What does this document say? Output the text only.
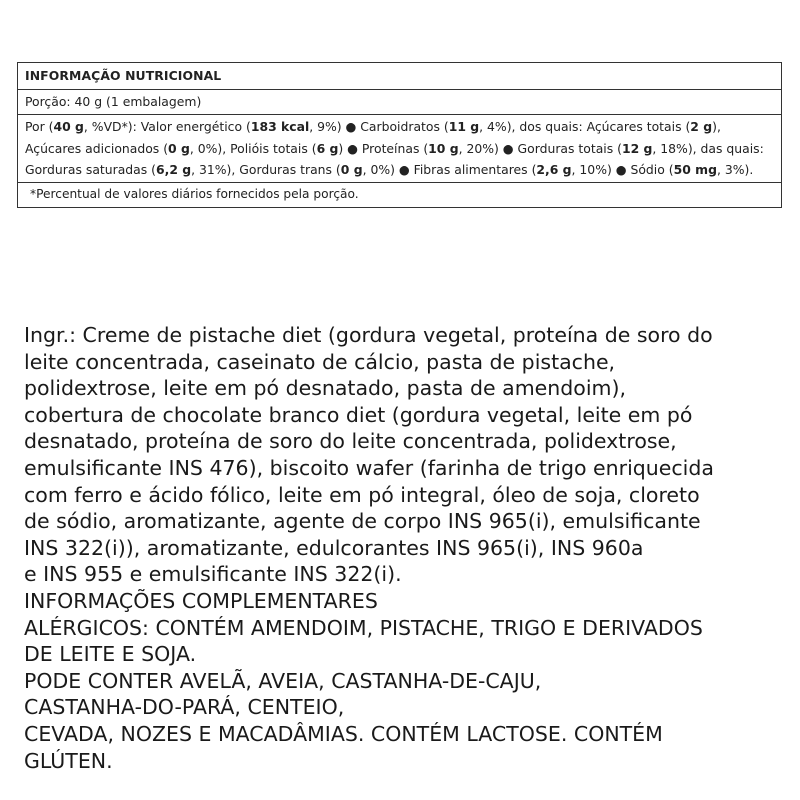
INFORMAÇÃO NUTRICIONAL
Porção: 40 g (1 embalagem)
Por (40 g, %VD*): Valor energético (183 kcal, 9%) ● Carboidratos (11 g, 4%), dos quais: Açúcares totais (2 g), Açúcares adicionados (0 g, 0%), Polióis totais (6 g) ● Proteínas (10 g, 20%) ● Gorduras totais (12 g, 18%), das quais: Gorduras saturadas (6,2 g, 31%), Gorduras trans (0 g, 0%) ● Fibras alimentares (2,6 g, 10%) ● Sódio (50 mg, 3%).
*Percentual de valores diários fornecidos pela porção.
Ingr.: Creme de pistache diet (gordura vegetal, proteína de soro do
leite concentrada, caseinato de cálcio, pasta de pistache,
polidextrose, leite em pó desnatado, pasta de amendoim),
cobertura de chocolate branco diet (gordura vegetal, leite em pó
desnatado, proteína de soro do leite concentrada, polidextrose,
emulsificante INS 476), biscoito wafer (farinha de trigo enriquecida
com ferro e ácido fólico, leite em pó integral, óleo de soja, cloreto
de sódio, aromatizante, agente de corpo INS 965(i), emulsificante
INS 322(i)), aromatizante, edulcorantes INS 965(i), INS 960a
e INS 955 e emulsificante INS 322(i).
INFORMAÇÕES COMPLEMENTARES
ALÉRGICOS: CONTÉM AMENDOIM, PISTACHE, TRIGO E DERIVADOS
DE LEITE E SOJA.
PODE CONTER AVELÃ, AVEIA, CASTANHA-DE-CAJU,
CASTANHA-DO-PARÁ, CENTEIO,
CEVADA, NOZES E MACADÂMIAS. CONTÉM LACTOSE. CONTÉM
GLÚTEN.
